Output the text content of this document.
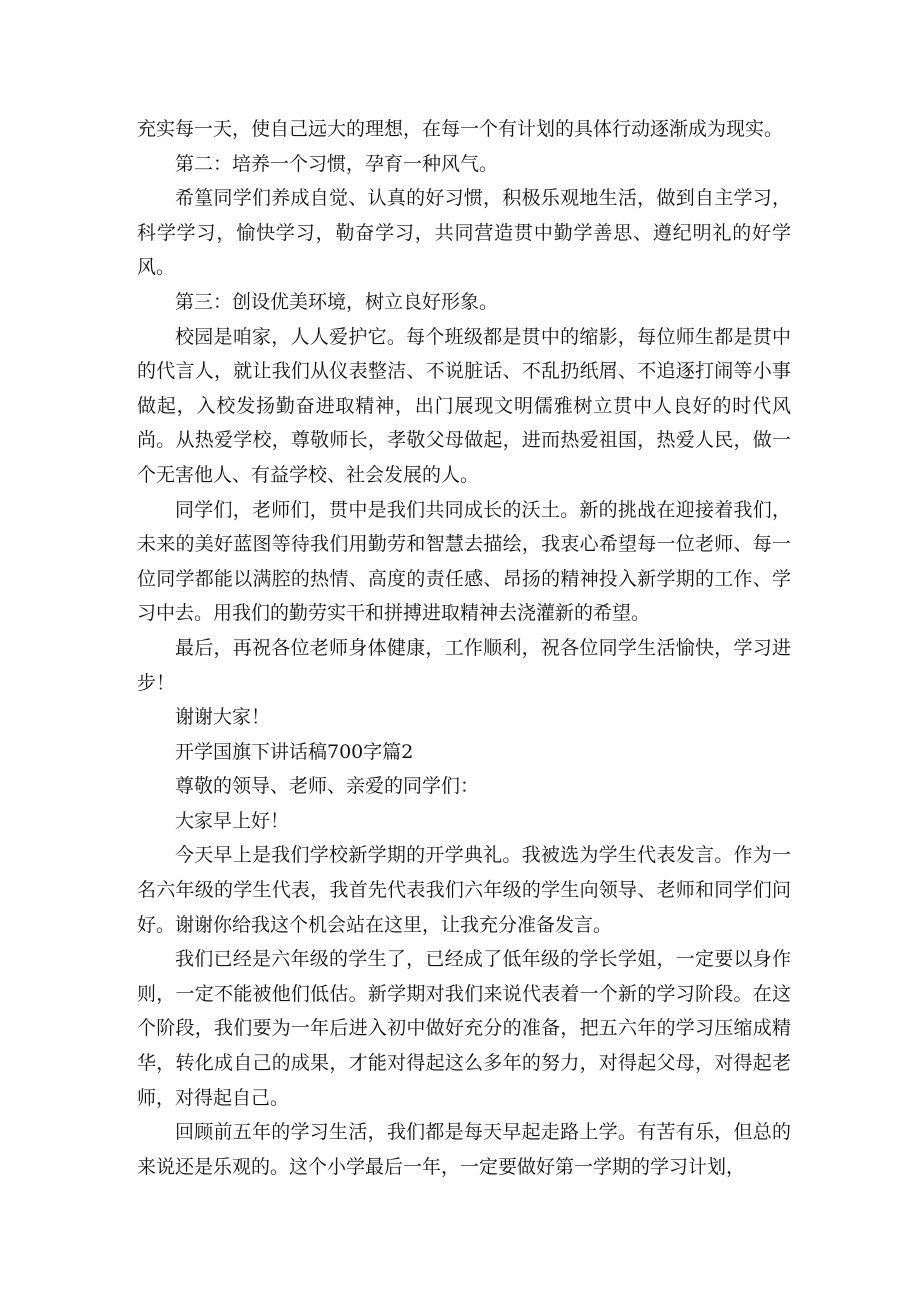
充实每一天，使自己远大的理想，在每一个有计划的具体行动逐渐成为现实。

第二：培养一个习惯，孕育一种风气。

希篁同学们养成自觉、认真的好习惯，积极乐观地生活，做到自主学习，科学学习，愉快学习，勒奋学习，共同营造贯中勤学善思、遵纪明礼的好学风。

第三：创设优美环境，树立良好形象。

校园是咱家，人人爱护它。每个班级都是贯中的缩影，每位师生都是贯中的代言人，就让我们从仪表整洁、不说脏话、不乱扔纸屑、不追逐打闹等小事做起，入校发扬勤奋进取精神，出门展现文明儒雅树立贯中人良好的时代风尚。从热爱学校，尊敬师长，孝敬父母做起，进而热爱祖国，热爱人民，做一个无害他人、有益学校、社会发展的人。

同学们，老师们，贯中是我们共同成长的沃土。新的挑战在迎接着我们，未来的美好蓝图等待我们用勤劳和智慧去描绘，我衷心希望每一位老师、每一位同学都能以满腔的热情、高度的责任感、昂扬的精神投入新学期的工作、学习中去。用我们的勤劳实干和拼搏进取精神去浇灌新的希望。

最后，再祝各位老师身体健康，工作顺利，祝各位同学生活愉快，学习进步！

谢谢大家！

开学国旗下讲话稿700字篇2

尊敬的领导、老师、亲爱的同学们：

大家早上好！

今天早上是我们学校新学期的开学典礼。我被选为学生代表发言。作为一名六年级的学生代表，我首先代表我们六年级的学生向领导、老师和同学们问好。谢谢你给我这个机会站在这里，让我充分准备发言。

我们已经是六年级的学生了，已经成了低年级的学长学姐，一定要以身作则，一定不能被他们低估。新学期对我们来说代表着一个新的学习阶段。在这个阶段，我们要为一年后进入初中做好充分的准备，把五六年的学习压缩成精华，转化成自己的成果，才能对得起这么多年的努力，对得起父母，对得起老师，对得起自己。

回顾前五年的学习生活，我们都是每天早起走路上学。有苦有乐，但总的来说还是乐观的。这个小学最后一年，一定要做好第一学期的学习计划，
